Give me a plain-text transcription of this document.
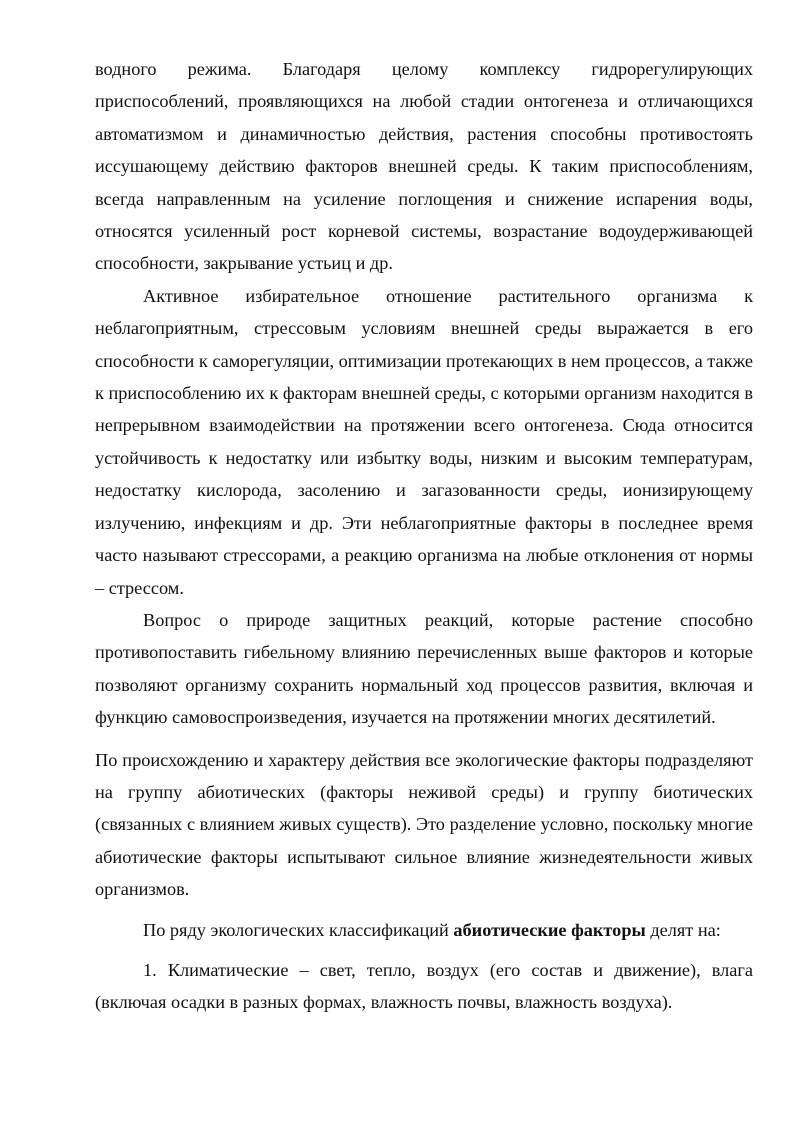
водного режима. Благодаря целому комплексу гидрорегулирующих приспособлений, проявляющихся на любой стадии онтогенеза и отличающихся автоматизмом и динамичностью действия, растения способны противостоять иссушающему действию факторов внешней среды. К таким приспособлениям, всегда направленным на усиление поглощения и снижение испарения воды, относятся усиленный рост корневой системы, возрастание водоудерживающей способности, закрывание устьиц и др.

Активное избирательное отношение растительного организма к неблагоприятным, стрессовым условиям внешней среды выражается в его способности к саморегуляции, оптимизации протекающих в нем процессов, а также к приспособлению их к факторам внешней среды, с которыми организм находится в непрерывном взаимодействии на протяжении всего онтогенеза. Сюда относится устойчивость к недостатку или избытку воды, низким и высоким температурам, недостатку кислорода, засолению и загазованности среды, ионизирующему излучению, инфекциям и др. Эти неблагоприятные факторы в последнее время часто называют стрессорами, а реакцию организма на любые отклонения от нормы – стрессом.

Вопрос о природе защитных реакций, которые растение способно противопоставить гибельному влиянию перечисленных выше факторов и которые позволяют организму сохранить нормальный ход процессов развития, включая и функцию самовоспроизведения, изучается на протяжении многих десятилетий.

По происхождению и характеру действия все экологические факторы подразделяют на группу абиотических (факторы неживой среды) и группу биотических (связанных с влиянием живых существ). Это разделение условно, поскольку многие абиотические факторы испытывают сильное влияние жизнедеятельности живых организмов.

По ряду экологических классификаций абиотические факторы делят на:

1. Климатические – свет, тепло, воздух (его состав и движение), влага (включая осадки в разных формах, влажность почвы, влажность воздуха).
